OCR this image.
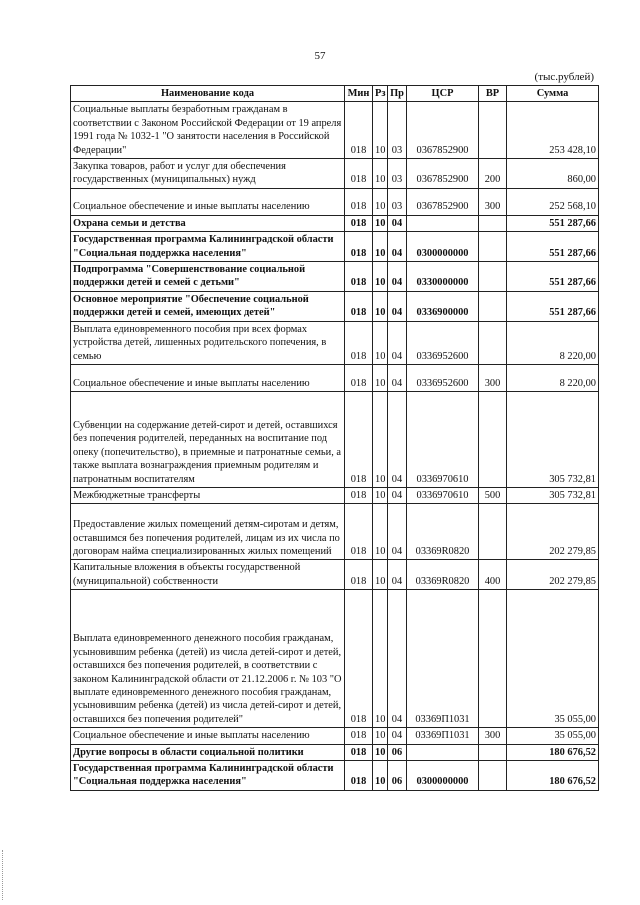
57
(тыс.рублей)
Наименование кода	Мин	Рз	Пр	ЦСР	ВР	Сумма
Социальные выплаты безработным гражданам в соответствии с Законом Российской Федерации от 19 апреля 1991 года № 1032-1 "О занятости населения в Российской Федерации"	018	10	03	0367852900		253 428,10
Закупка товаров, работ и услуг для обеспечения государственных (муниципальных) нужд	018	10	03	0367852900	200	860,00
Социальное обеспечение и иные выплаты населению	018	10	03	0367852900	300	252 568,10
Охрана семьи и детства	018	10	04			551 287,66
Государственная программа Калининградской области "Социальная поддержка населения"	018	10	04	0300000000		551 287,66
Подпрограмма "Совершенствование социальной поддержки детей и семей с детьми"	018	10	04	0330000000		551 287,66
Основное мероприятие "Обеспечение социальной поддержки детей и семей, имеющих детей"	018	10	04	0336900000		551 287,66
Выплата единовременного пособия при всех формах устройства детей, лишенных родительского попечения, в семью	018	10	04	0336952600		8 220,00
Социальное обеспечение и иные выплаты населению	018	10	04	0336952600	300	8 220,00
Субвенции на содержание детей-сирот и детей, оставшихся без попечения родителей, переданных на воспитание под опеку (попечительство), в приемные и патронатные семьи, а также выплата вознаграждения приемным родителям и патронатным воспитателям	018	10	04	0336970610		305 732,81
Межбюджетные трансферты	018	10	04	0336970610	500	305 732,81
Предоставление жилых помещений детям-сиротам и детям, оставшимся без попечения родителей, лицам из их числа по договорам найма специализированных жилых помещений	018	10	04	03369R0820		202 279,85
Капитальные вложения в объекты государственной (муниципальной) собственности	018	10	04	03369R0820	400	202 279,85
Выплата единовременного денежного пособия гражданам, усыновившим ребенка (детей) из числа детей-сирот и детей, оставшихся без попечения родителей, в соответствии с законом Калининградской области от 21.12.2006 г. № 103 "О выплате единовременного денежного пособия гражданам, усыновившим ребенка (детей) из числа детей-сирот и детей, оставшихся без попечения родителей"	018	10	04	03369П1031		35 055,00
Социальное обеспечение и иные выплаты населению	018	10	04	03369П1031	300	35 055,00
Другие вопросы в области социальной политики	018	10	06			180 676,52
Государственная программа Калининградской области "Социальная поддержка населения"	018	10	06	0300000000		180 676,52
